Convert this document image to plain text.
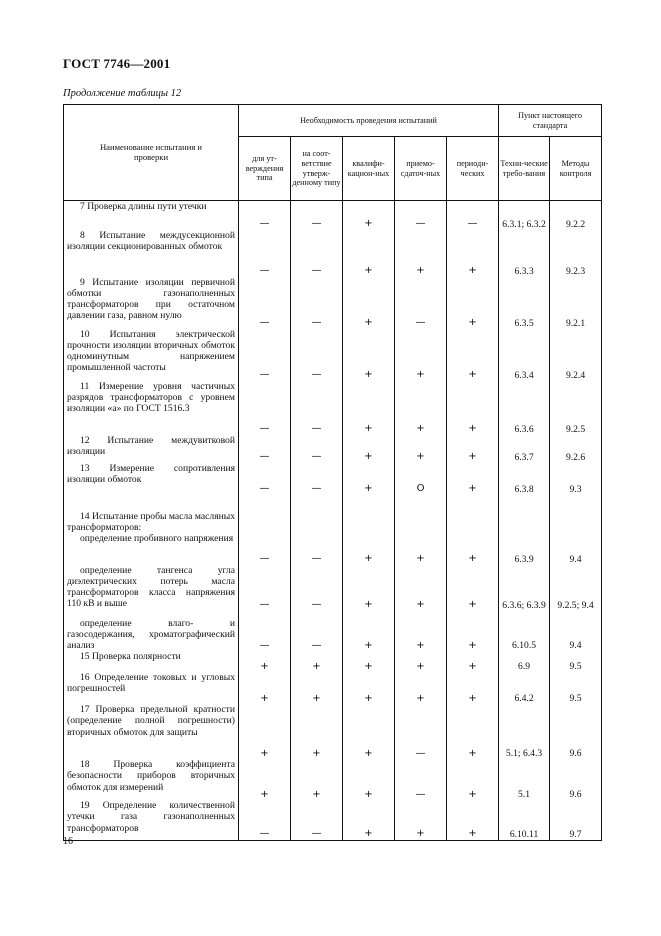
ГОСТ 7746—2001
Продолжение таблицы 12
Наименование испытания и проверки	Необходимость проведения испытаний					Пункт настоящего стандарта	
	для ут-верждения типа	на соот-ветствие утверж-денному типу	квалифи-кацион-ных	приемо-сдаточ-ных	периоди-ческих	Техни-ческие требо-вания	Методы контроля

7 Проверка длины пути утечки	—	—	+	—	—	6.3.1; 6.3.2	9.2.2

8 Испытание междусекционной изоляции секционированных обмоток	—	—	+	+	+	6.3.3	9.2.3

9 Испытание изоляции первичной обмотки газонаполненных трансформаторов при остаточном давлении газа, равном нулю	—	—	+	—	+	6.3.5	9.2.1

10 Испытания электрической прочности изоляции вторичных обмоток одноминутным напряжением промышленной частоты	—	—	+	+	+	6.3.4	9.2.4

11 Измерение уровня частичных разрядов трансформаторов с уровнем изоляции «а» по ГОСТ 1516.3	—	—	+	+	+	6.3.6	9.2.5

12 Испытание междувитковой изоляции	—	—	+	+	+	6.3.7	9.2.6

13 Измерение сопротивления изоляции обмоток	—	—	+	О	+	6.3.8	9.3

14 Испытание пробы масла масляных трансформаторов:
определение пробивного напряжения	—	—	+	+	+	6.3.9	9.4

определение тангенса угла диэлектрических потерь масла трансформаторов класса напряжения 110 кВ и выше	—	—	+	+	+	6.3.6; 6.3.9	9.2.5; 9.4

определение влаго- и газосодержания, хроматографический анализ	—	—	+	+	+	6.10.5	9.4

15 Проверка полярности	+	+	+	+	+	6.9	9.5

16 Определение токовых и угловых погрешностей	+	+	+	+	+	6.4.2	9.5

17 Проверка предельной кратности (определение полной погрешности) вторичных обмоток для защиты	+	+	+	—	+	5.1; 6.4.3	9.6

18 Проверка коэффициента безопасности приборов вторичных обмоток для измерений	+	+	+	—	+	5.1	9.6

19 Определение количественной утечки газа газонаполненных трансформаторов	—	—	+	+	+	6.10.11	9.7
16
